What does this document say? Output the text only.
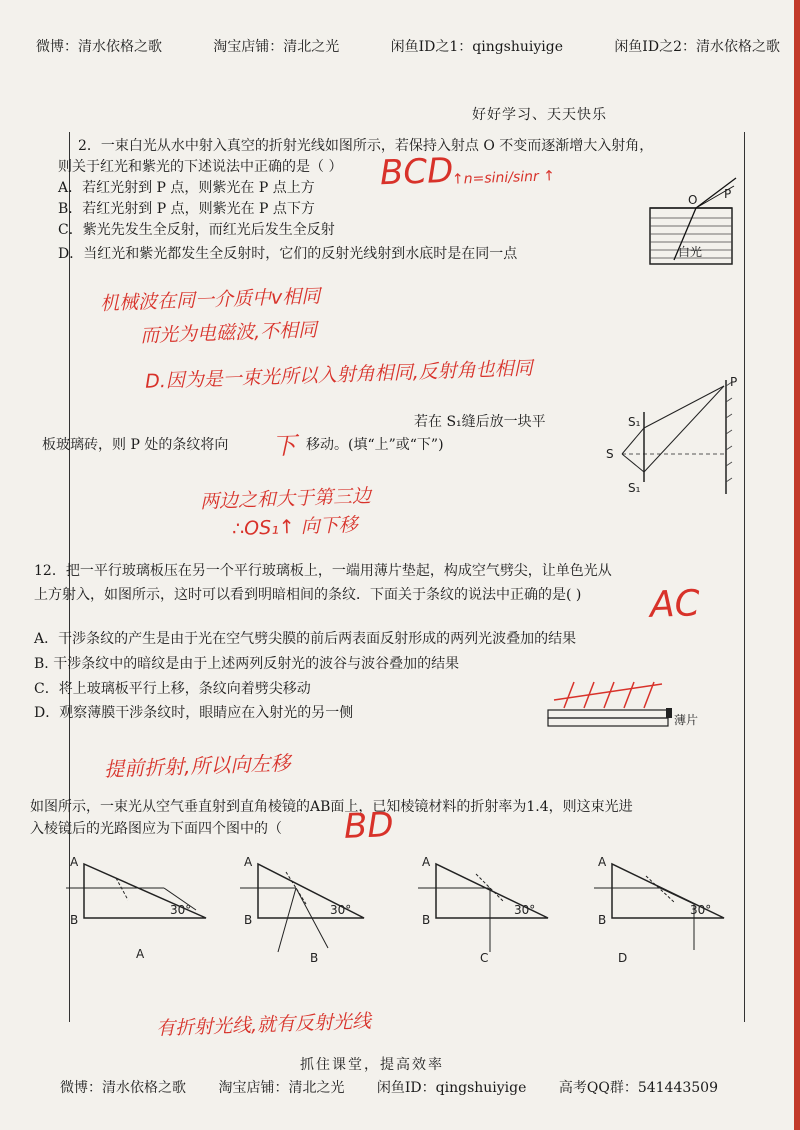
微博：清水依格之歌	淘宝店铺：清北之光	闲鱼ID之1：qingshuiyige	闲鱼ID之2：清水依格之歌
好好学习、天天快乐
2．一束白光从水中射入真空的折射光线如图所示，若保持入射点 O 不变而逐渐增大入射角，
则关于红光和紫光的下述说法中正确的是（ ）
A．若红光射到 P 点，则紫光在 P 点上方
B．若红光射到 P 点，则紫光在 P 点下方
C．紫光先发生全反射，而红光后发生全反射
D．当红光和紫光都发生全反射时，它们的反射光线射到水底时是在同一点
O P
白光
BCD
↑n=sini/sinr ↑
机械波在同一介质中v相同
而光为电磁波,不相同
D.因为是一束光所以入射角相同,反射角也相同
若在 S₁缝后放一块平
板玻璃砖，则 P 处的条纹将向	移动。(填“上”或“下”)
下	S
S₁
S₁
P
两边之和大于第三边
∴OS₁↑ 向下移
12．把一平行玻璃板压在另一个平行玻璃板上，一端用薄片垫起，构成空气劈尖，让单色光从
上方射入，如图所示，这时可以看到明暗相间的条纹．下面关于条纹的说法中正确的是( )
A．干涉条纹的产生是由于光在空气劈尖膜的前后两表面反射形成的两列光波叠加的结果
B. 干涉条纹中的暗纹是由于上述两列反射光的波谷与波谷叠加的结果
C．将上玻璃板平行上移，条纹向着劈尖移动
D．观察薄膜干涉条纹时，眼睛应在入射光的另一侧
AC
薄片
提前折射,所以向左移
如图所示，一束光从空气垂直射到直角棱镜的AB面上，已知棱镜材料的折射率为1.4，则这束光进
入棱镜后的光路图应为下面四个图中的（ BD
A
B
30°
A
A
B
30°
B
A
B
30°
C
A
B
30°
D
有折射光线,就有反射光线
抓住课堂，提高效率
微博：清水依格之歌 淘宝店铺：清北之光 闲鱼ID：qingshuiyige 高考QQ群：541443509
